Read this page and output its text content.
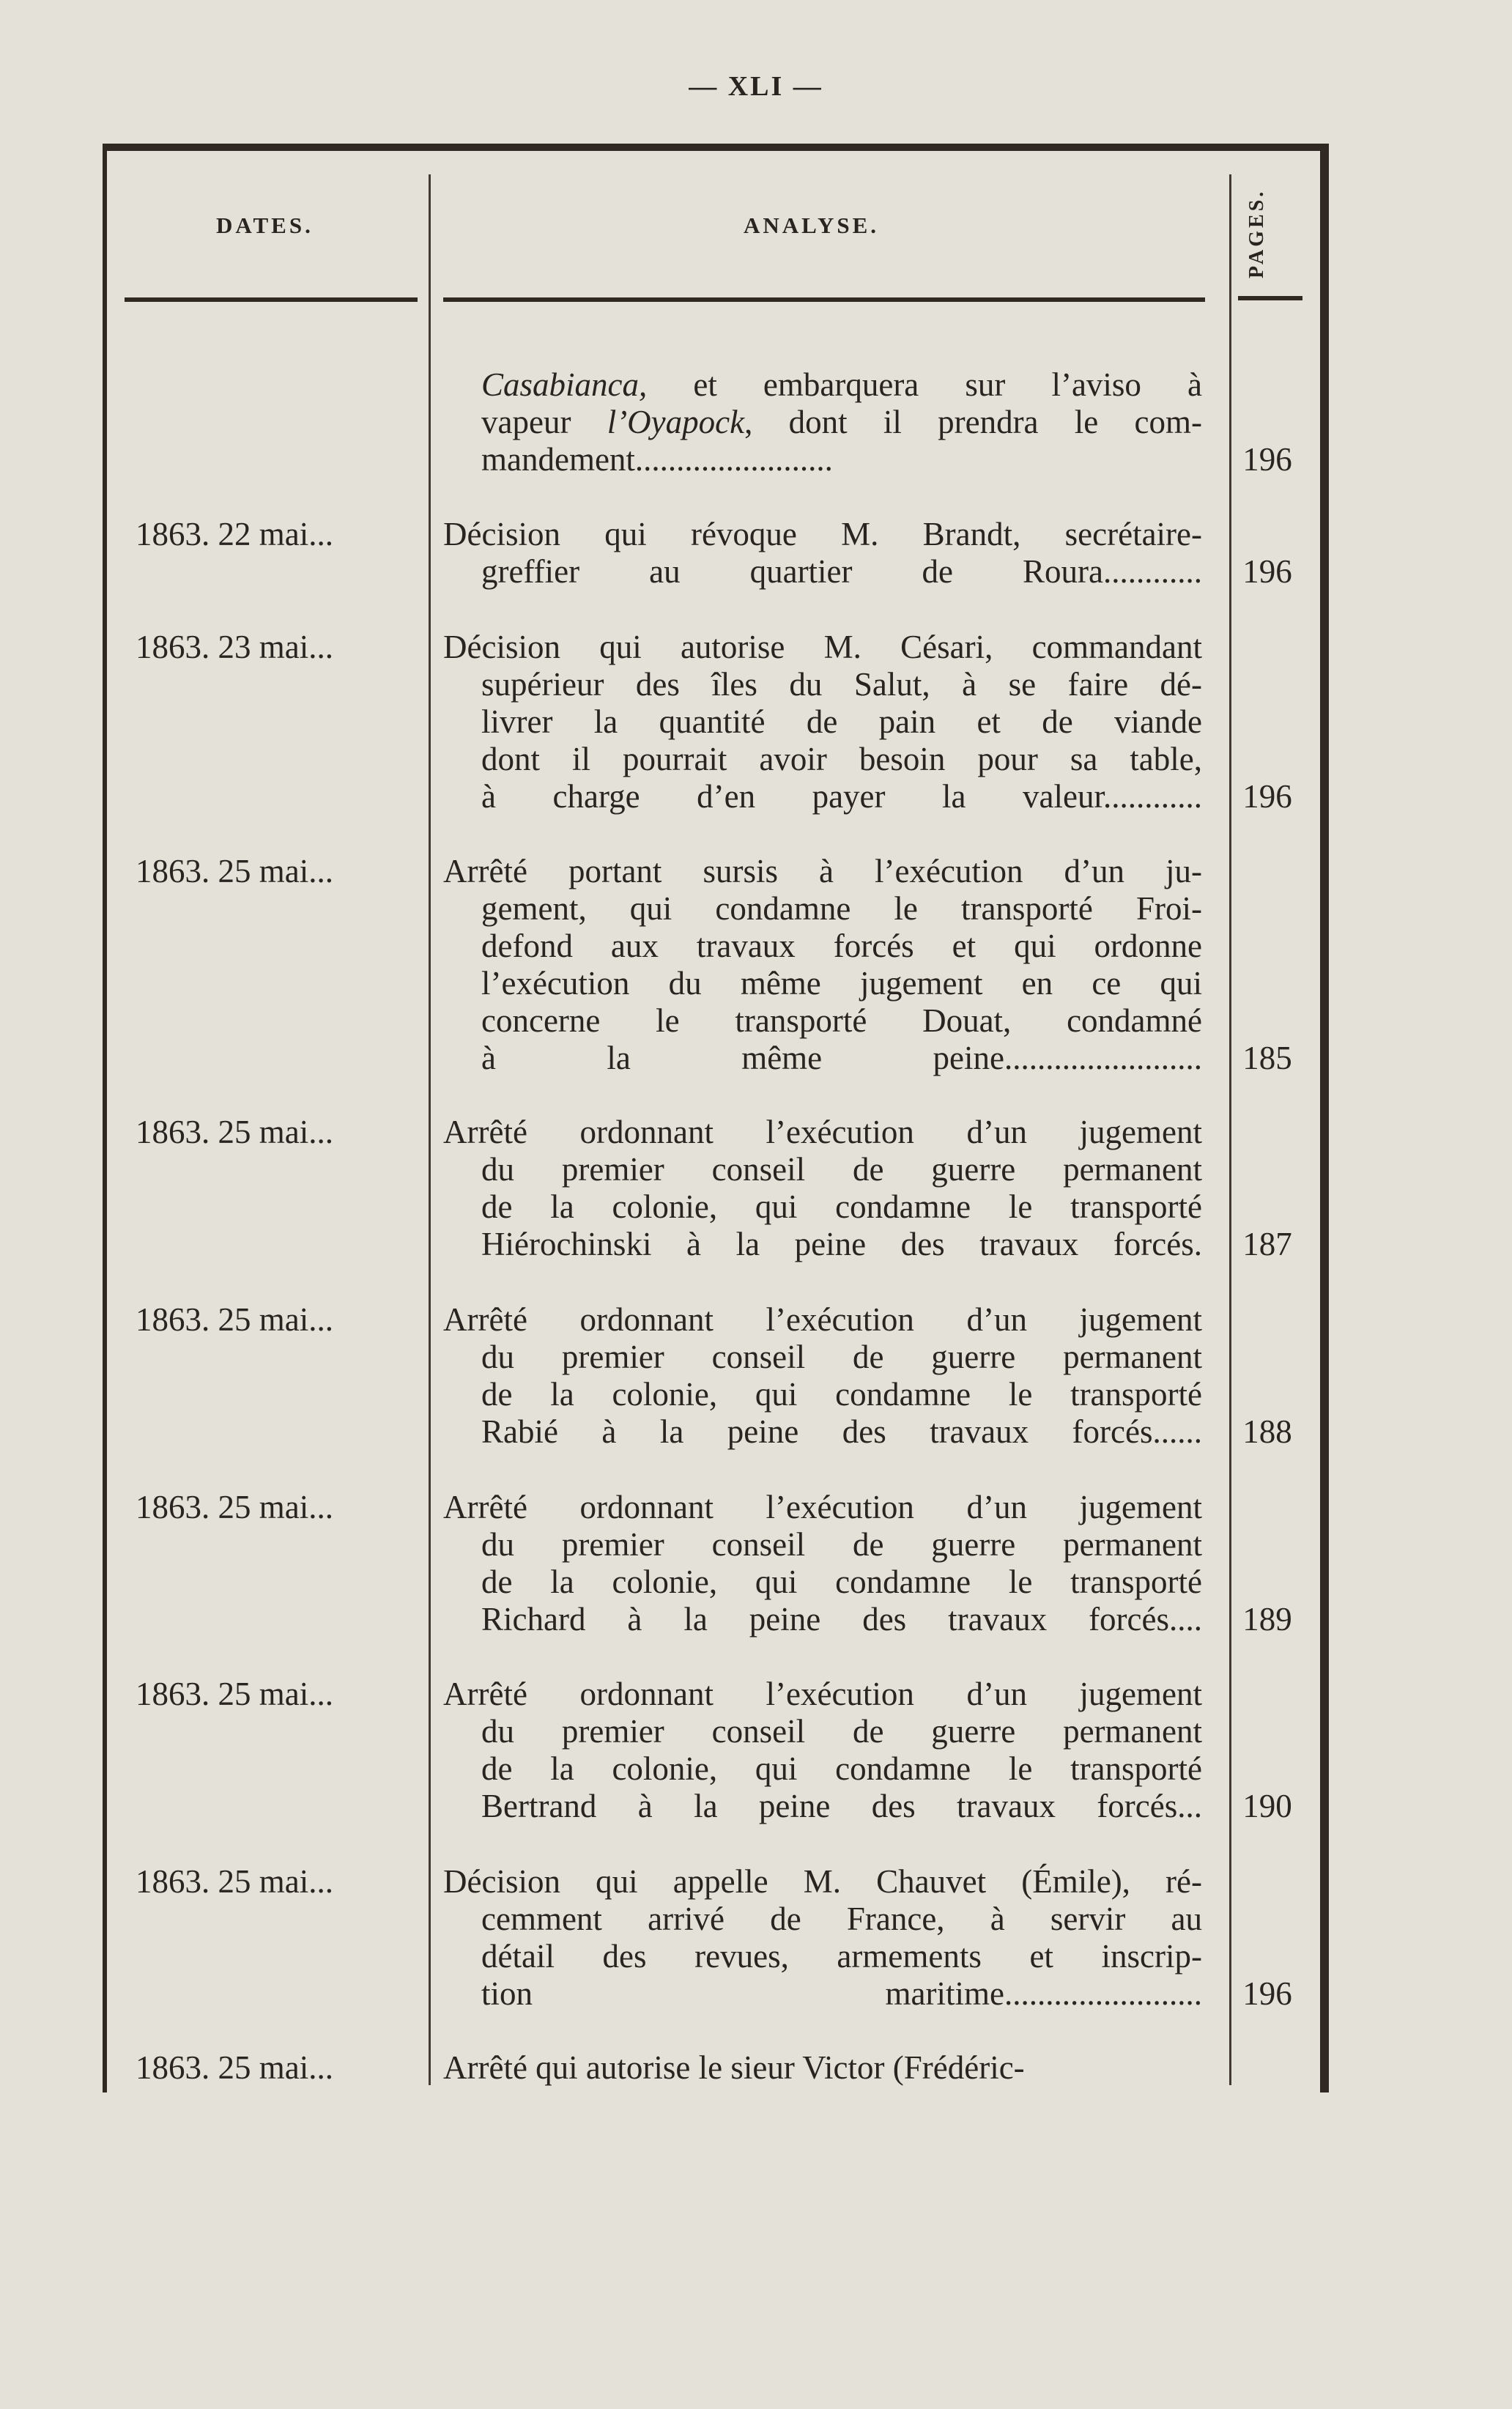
— XLI —
DATES.	ANALYSE.	PAGES.
Casabianca, et embarquera sur l’aviso à
vapeur l’Oyapock, dont il prendra le com-
mandement........................	196
1863. 22 mai...	Décision qui révoque M. Brandt, secrétaire-
greffier au quartier de Roura............	196
1863. 23 mai...	Décision qui autorise M. Césari, commandant
supérieur des îles du Salut, à se faire dé-
livrer la quantité de pain et de viande
dont il pourrait avoir besoin pour sa table,
à charge d’en payer la valeur............	196
1863. 25 mai...	Arrêté portant sursis à l’exécution d’un ju-
gement, qui condamne le transporté Froi-
defond aux travaux forcés et qui ordonne
l’exécution du même jugement en ce qui
concerne le transporté Douat, condamné
à la même peine........................	185
1863. 25 mai...	Arrêté ordonnant l’exécution d’un jugement
du premier conseil de guerre permanent
de la colonie, qui condamne le transporté
Hiérochinski à la peine des travaux forcés.	187
1863. 25 mai...	Arrêté ordonnant l’exécution d’un jugement
du premier conseil de guerre permanent
de la colonie, qui condamne le transporté
Rabié à la peine des travaux forcés......	188
1863. 25 mai...	Arrêté ordonnant l’exécution d’un jugement
du premier conseil de guerre permanent
de la colonie, qui condamne le transporté
Richard à la peine des travaux forcés....	189
1863. 25 mai...	Arrêté ordonnant l’exécution d’un jugement
du premier conseil de guerre permanent
de la colonie, qui condamne le transporté
Bertrand à la peine des travaux forcés...	190
1863. 25 mai...	Décision qui appelle M. Chauvet (Émile), ré-
cemment arrivé de France, à servir au
détail des revues, armements et inscrip-
tion maritime........................	196
1863. 25 mai...	Arrêté qui autorise le sieur Victor (Frédéric-
